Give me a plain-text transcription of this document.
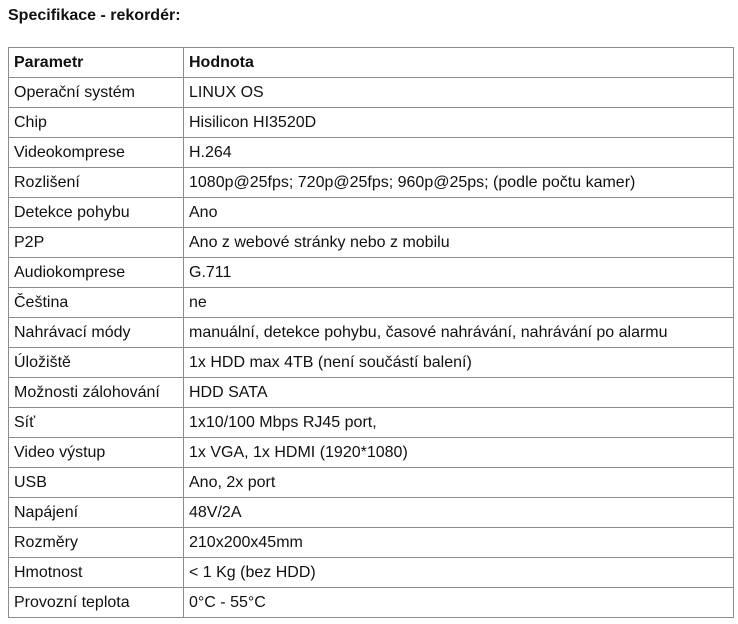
Specifikace - rekordér:
Parametr	Hodnota
Operační systém	LINUX OS
Chip	Hisilicon HI3520D
Videokomprese	H.264
Rozlišení	1080p@25fps; 720p@25fps; 960p@25ps; (podle počtu kamer)
Detekce pohybu	Ano
P2P	Ano z webové stránky nebo z mobilu
Audiokomprese	G.711
Čeština	ne
Nahrávací módy	manuální, detekce pohybu, časové nahrávání, nahrávání po alarmu
Úložiště	1x HDD max 4TB (není součástí balení)
Možnosti zálohování	HDD SATA
Síť	1x10/100 Mbps RJ45 port,
Video výstup	1x VGA, 1x HDMI (1920*1080)
USB	Ano, 2x port
Napájení	48V/2A
Rozměry	210x200x45mm
Hmotnost	< 1 Kg (bez HDD)
Provozní teplota	0°C - 55°C
